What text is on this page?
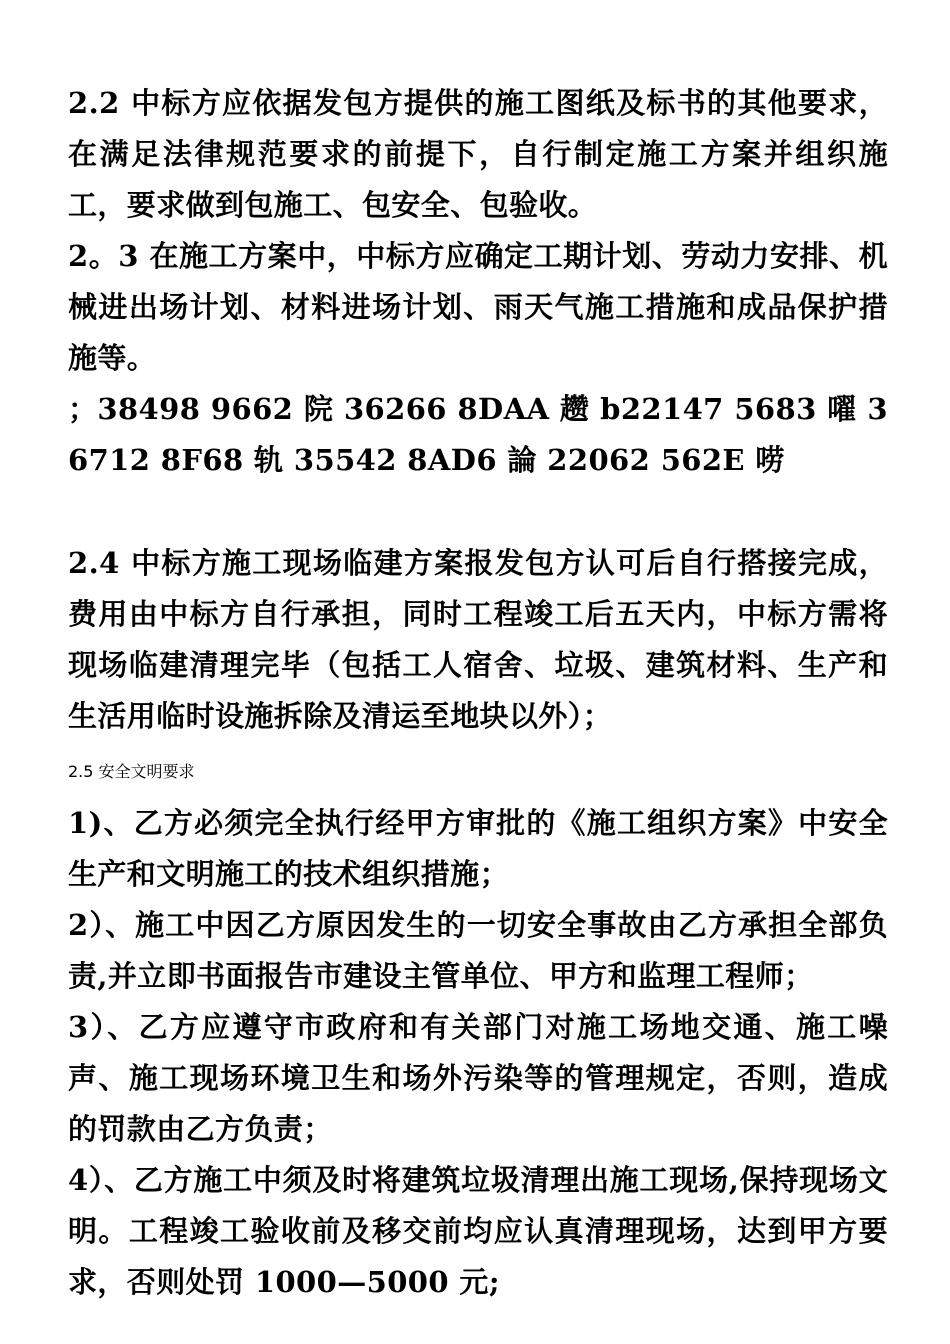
2.2 中标方应依据发包方提供的施工图纸及标书的其他要求，在满足法律规范要求的前提下，自行制定施工方案并组织施工，要求做到包施工、包安全、包验收。

2。3 在施工方案中，中标方应确定工期计划、劳动力安排、机械进出场计划、材料进场计划、雨天气施工措施和成品保护措施等。

；38498 9662 院 36266 8DAA 趱 b22147 5683 嚁 36712 8F68 轨 35542 8AD6 論 22062 562E 唠

2.4 中标方施工现场临建方案报发包方认可后自行搭接完成，费用由中标方自行承担，同时工程竣工后五天内，中标方需将现场临建清理完毕（包括工人宿舍、垃圾、建筑材料、生产和生活用临时设施拆除及清运至地块以外）；

2.5 安全文明要求

1)、乙方必须完全执行经甲方审批的《施工组织方案》中安全生产和文明施工的技术组织措施；

2）、施工中因乙方原因发生的一切安全事故由乙方承担全部负责,并立即书面报告市建设主管单位、甲方和监理工程师；

3）、乙方应遵守市政府和有关部门对施工场地交通、施工噪声、施工现场环境卫生和场外污染等的管理规定，否则，造成的罚款由乙方负责；

4）、乙方施工中须及时将建筑垃圾清理出施工现场,保持现场文明。工程竣工验收前及移交前均应认真清理现场，达到甲方要求，否则处罚 1000—5000 元;
